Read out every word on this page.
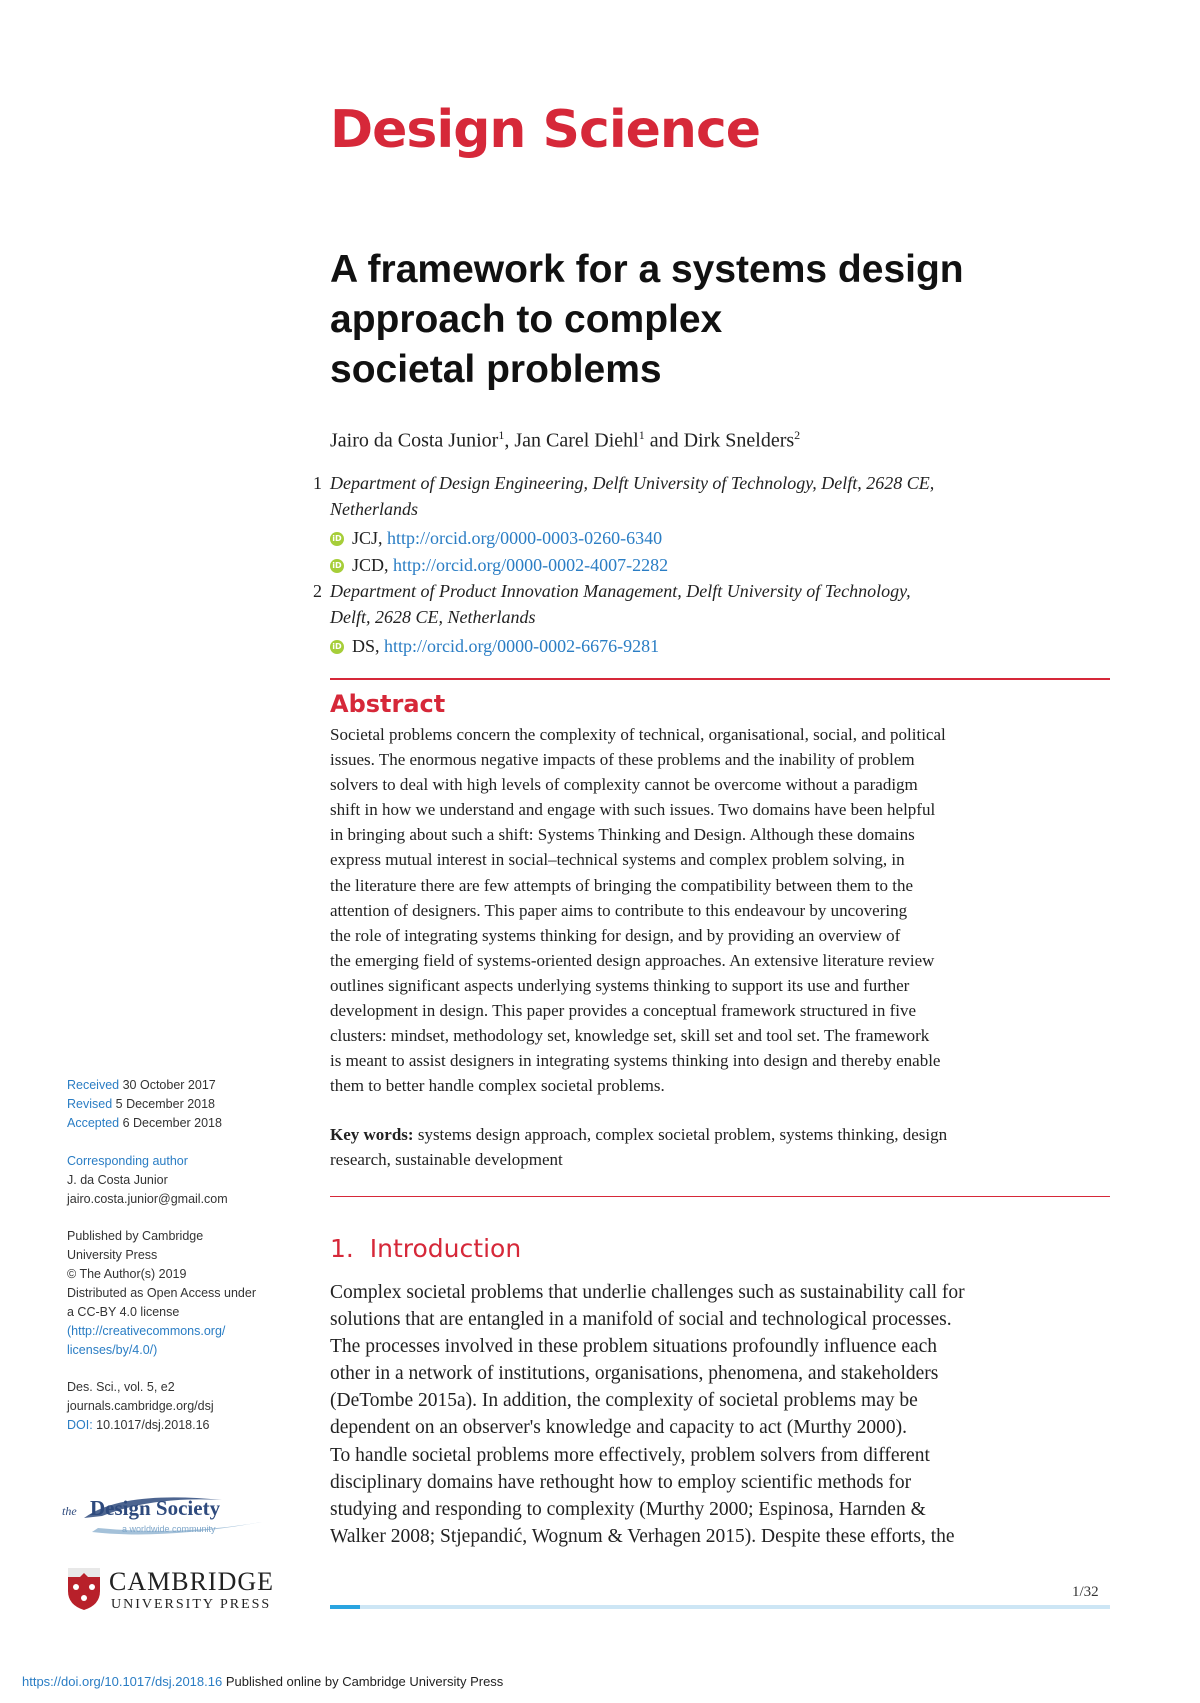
Design Science
A framework for a systems design
approach to complex
societal problems
Jairo da Costa Junior$^1$, Jan Carel Diehl$^1$ and Dirk Snelders$^2$
1 Department of Design Engineering, Delft University of Technology, Delft, 2628 CE,
Netherlands
iD JCJ, http://orcid.org/0000-0003-0260-6340
iD JCD, http://orcid.org/0000-0002-4007-2282
2 Department of Product Innovation Management, Delft University of Technology,
Delft, 2628 CE, Netherlands
iD DS, http://orcid.org/0000-0002-6676-9281
Abstract
Societal problems concern the complexity of technical, organisational, social, and political
issues. The enormous negative impacts of these problems and the inability of problem
solvers to deal with high levels of complexity cannot be overcome without a paradigm
shift in how we understand and engage with such issues. Two domains have been helpful
in bringing about such a shift: Systems Thinking and Design. Although these domains
express mutual interest in social–technical systems and complex problem solving, in
the literature there are few attempts of bringing the compatibility between them to the
attention of designers. This paper aims to contribute to this endeavour by uncovering
the role of integrating systems thinking for design, and by providing an overview of
the emerging field of systems-oriented design approaches. An extensive literature review
outlines significant aspects underlying systems thinking to support its use and further
development in design. This paper provides a conceptual framework structured in five
clusters: mindset, methodology set, knowledge set, skill set and tool set. The framework
is meant to assist designers in integrating systems thinking into design and thereby enable
them to better handle complex societal problems.
Key words: systems design approach, complex societal problem, systems thinking, design
research, sustainable development
1. Introduction
Complex societal problems that underlie challenges such as sustainability call for
solutions that are entangled in a manifold of social and technological processes.
The processes involved in these problem situations profoundly influence each
other in a network of institutions, organisations, phenomena, and stakeholders
(DeTombe 2015a). In addition, the complexity of societal problems may be
dependent on an observer's knowledge and capacity to act (Murthy 2000).
To handle societal problems more effectively, problem solvers from different
disciplinary domains have rethought how to employ scientific methods for
studying and responding to complexity (Murthy 2000; Espinosa, Harnden &
Walker 2008; Stjepandić, Wognum & Verhagen 2015). Despite these efforts, the
Received 30 October 2017
Revised 5 December 2018
Accepted 6 December 2018
Corresponding author
J. da Costa Junior
jairo.costa.junior@gmail.com
Published by Cambridge
University Press
© The Author(s) 2019
Distributed as Open Access under
a CC-BY 4.0 license
(http://creativecommons.org/
licenses/by/4.0/)
Des. Sci., vol. 5, e2
journals.cambridge.org/dsj
DOI: 10.1017/dsj.2018.16
the Design Society
a worldwide community
CAMBRIDGE
UNIVERSITY PRESS
1/32
https://doi.org/10.1017/dsj.2018.16 Published online by Cambridge University Press
